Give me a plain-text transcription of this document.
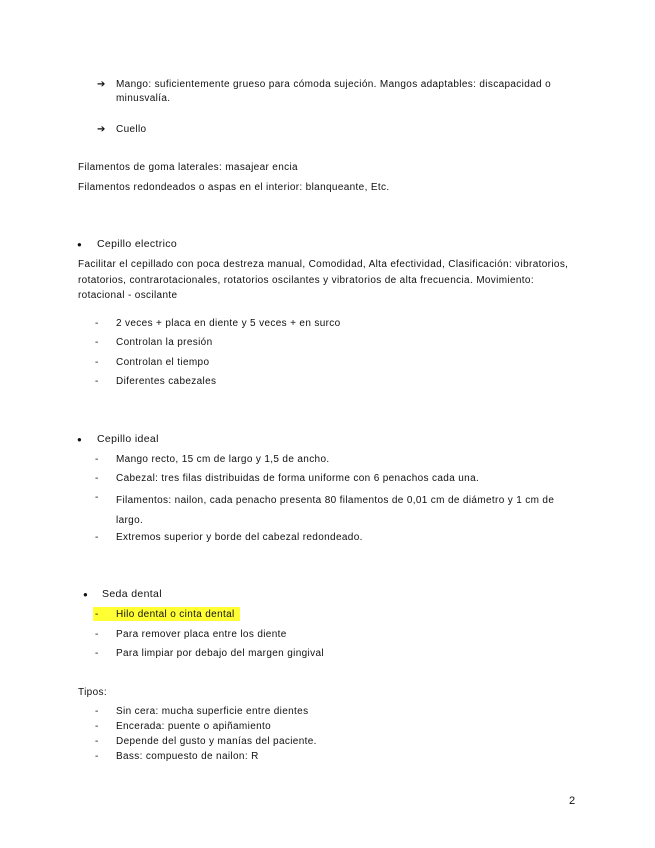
➔ Mango: suficientemente grueso para cómoda sujeción. Mangos adaptables: discapacidad o minusvalía.
➔ Cuello
Filamentos de goma laterales: masajear encia
Filamentos redondeados o aspas en el interior: blanqueante, Etc.
● Cepillo electrico
Facilitar el cepillado con poca destreza manual, Comodidad, Alta efectividad, Clasificación: vibratorios, rotatorios, contrarotacionales, rotatorios oscilantes y vibratorios de alta frecuencia. Movimiento: rotacional - oscilante
- 2 veces + placa en diente y 5 veces + en surco
- Controlan la presión
- Controlan el tiempo
- Diferentes cabezales
● Cepillo ideal
- Mango recto, 15 cm de largo y 1,5 de ancho.
- Cabezal: tres filas distribuidas de forma uniforme con 6 penachos cada una.
- Filamentos: nailon, cada penacho presenta 80 filamentos de 0,01 cm de diámetro y 1 cm de largo.
- Extremos superior y borde del cabezal redondeado.
● Seda dental
- Hilo dental o cinta dental
- Para remover placa entre los diente
- Para limpiar por debajo del margen gingival
Tipos:
- Sin cera: mucha superficie entre dientes
- Encerada: puente o apiñamiento
- Depende del gusto y manías del paciente.
- Bass: compuesto de nailon: R
2
